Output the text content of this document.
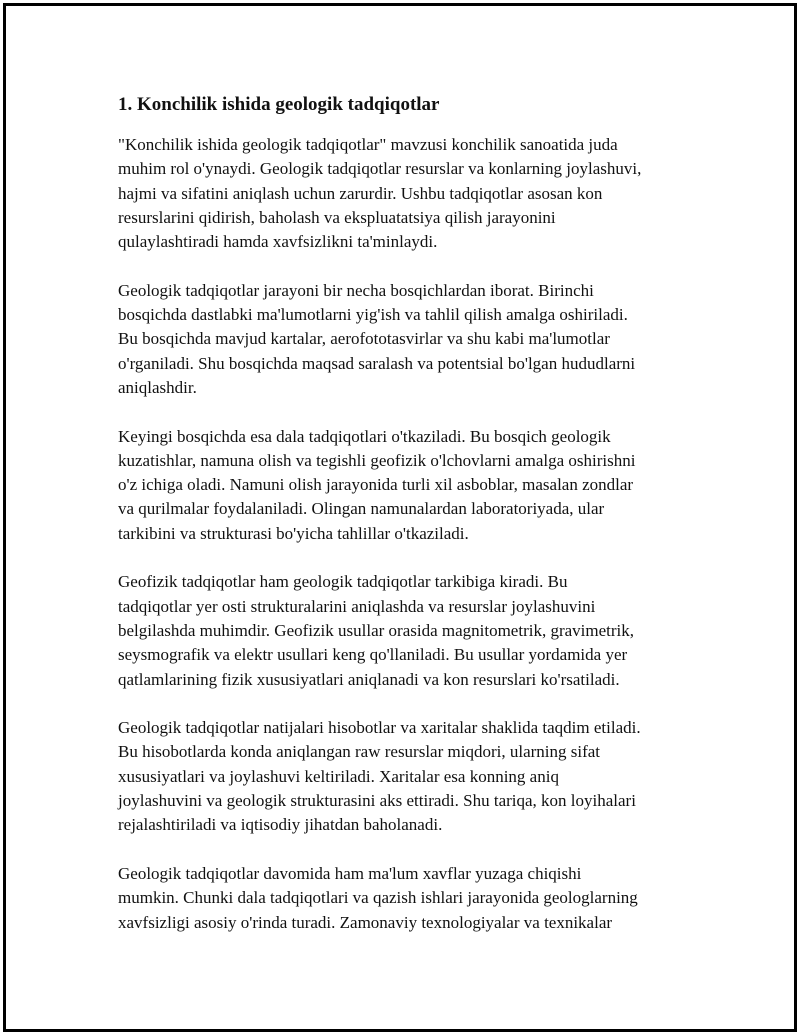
1. Konchilik ishida geologik tadqiqotlar
"Konchilik ishida geologik tadqiqotlar" mavzusi konchilik sanoatida juda
muhim rol o'ynaydi. Geologik tadqiqotlar resurslar va konlarning joylashuvi,
hajmi va sifatini aniqlash uchun zarurdir. Ushbu tadqiqotlar asosan kon
resurslarini qidirish, baholash va ekspluatatsiya qilish jarayonini
qulaylashtiradi hamda xavfsizlikni ta'minlaydi.
Geologik tadqiqotlar jarayoni bir necha bosqichlardan iborat. Birinchi
bosqichda dastlabki ma'lumotlarni yig'ish va tahlil qilish amalga oshiriladi.
Bu bosqichda mavjud kartalar, aerofototasvirlar va shu kabi ma'lumotlar
o'rganiladi. Shu bosqichda maqsad saralash va potentsial bo'lgan hududlarni
aniqlashdir.
Keyingi bosqichda esa dala tadqiqotlari o'tkaziladi. Bu bosqich geologik
kuzatishlar, namuna olish va tegishli geofizik o'lchovlarni amalga oshirishni
o'z ichiga oladi. Namuni olish jarayonida turli xil asboblar, masalan zondlar
va qurilmalar foydalaniladi. Olingan namunalardan laboratoriyada, ular
tarkibini va strukturasi bo'yicha tahlillar o'tkaziladi.
Geofizik tadqiqotlar ham geologik tadqiqotlar tarkibiga kiradi. Bu
tadqiqotlar yer osti strukturalarini aniqlashda va resurslar joylashuvini
belgilashda muhimdir. Geofizik usullar orasida magnitometrik, gravimetrik,
seysmografik va elektr usullari keng qo'llaniladi. Bu usullar yordamida yer
qatlamlarining fizik xususiyatlari aniqlanadi va kon resurslari ko'rsatiladi.
Geologik tadqiqotlar natijalari hisobotlar va xaritalar shaklida taqdim etiladi.
Bu hisobotlarda konda aniqlangan raw resurslar miqdori, ularning sifat
xususiyatlari va joylashuvi keltiriladi. Xaritalar esa konning aniq
joylashuvini va geologik strukturasini aks ettiradi. Shu tariqa, kon loyihalari
rejalashtiriladi va iqtisodiy jihatdan baholanadi.
Geologik tadqiqotlar davomida ham ma'lum xavflar yuzaga chiqishi
mumkin. Chunki dala tadqiqotlari va qazish ishlari jarayonida geologlarning
xavfsizligi asosiy o'rinda turadi. Zamonaviy texnologiyalar va texnikalar
